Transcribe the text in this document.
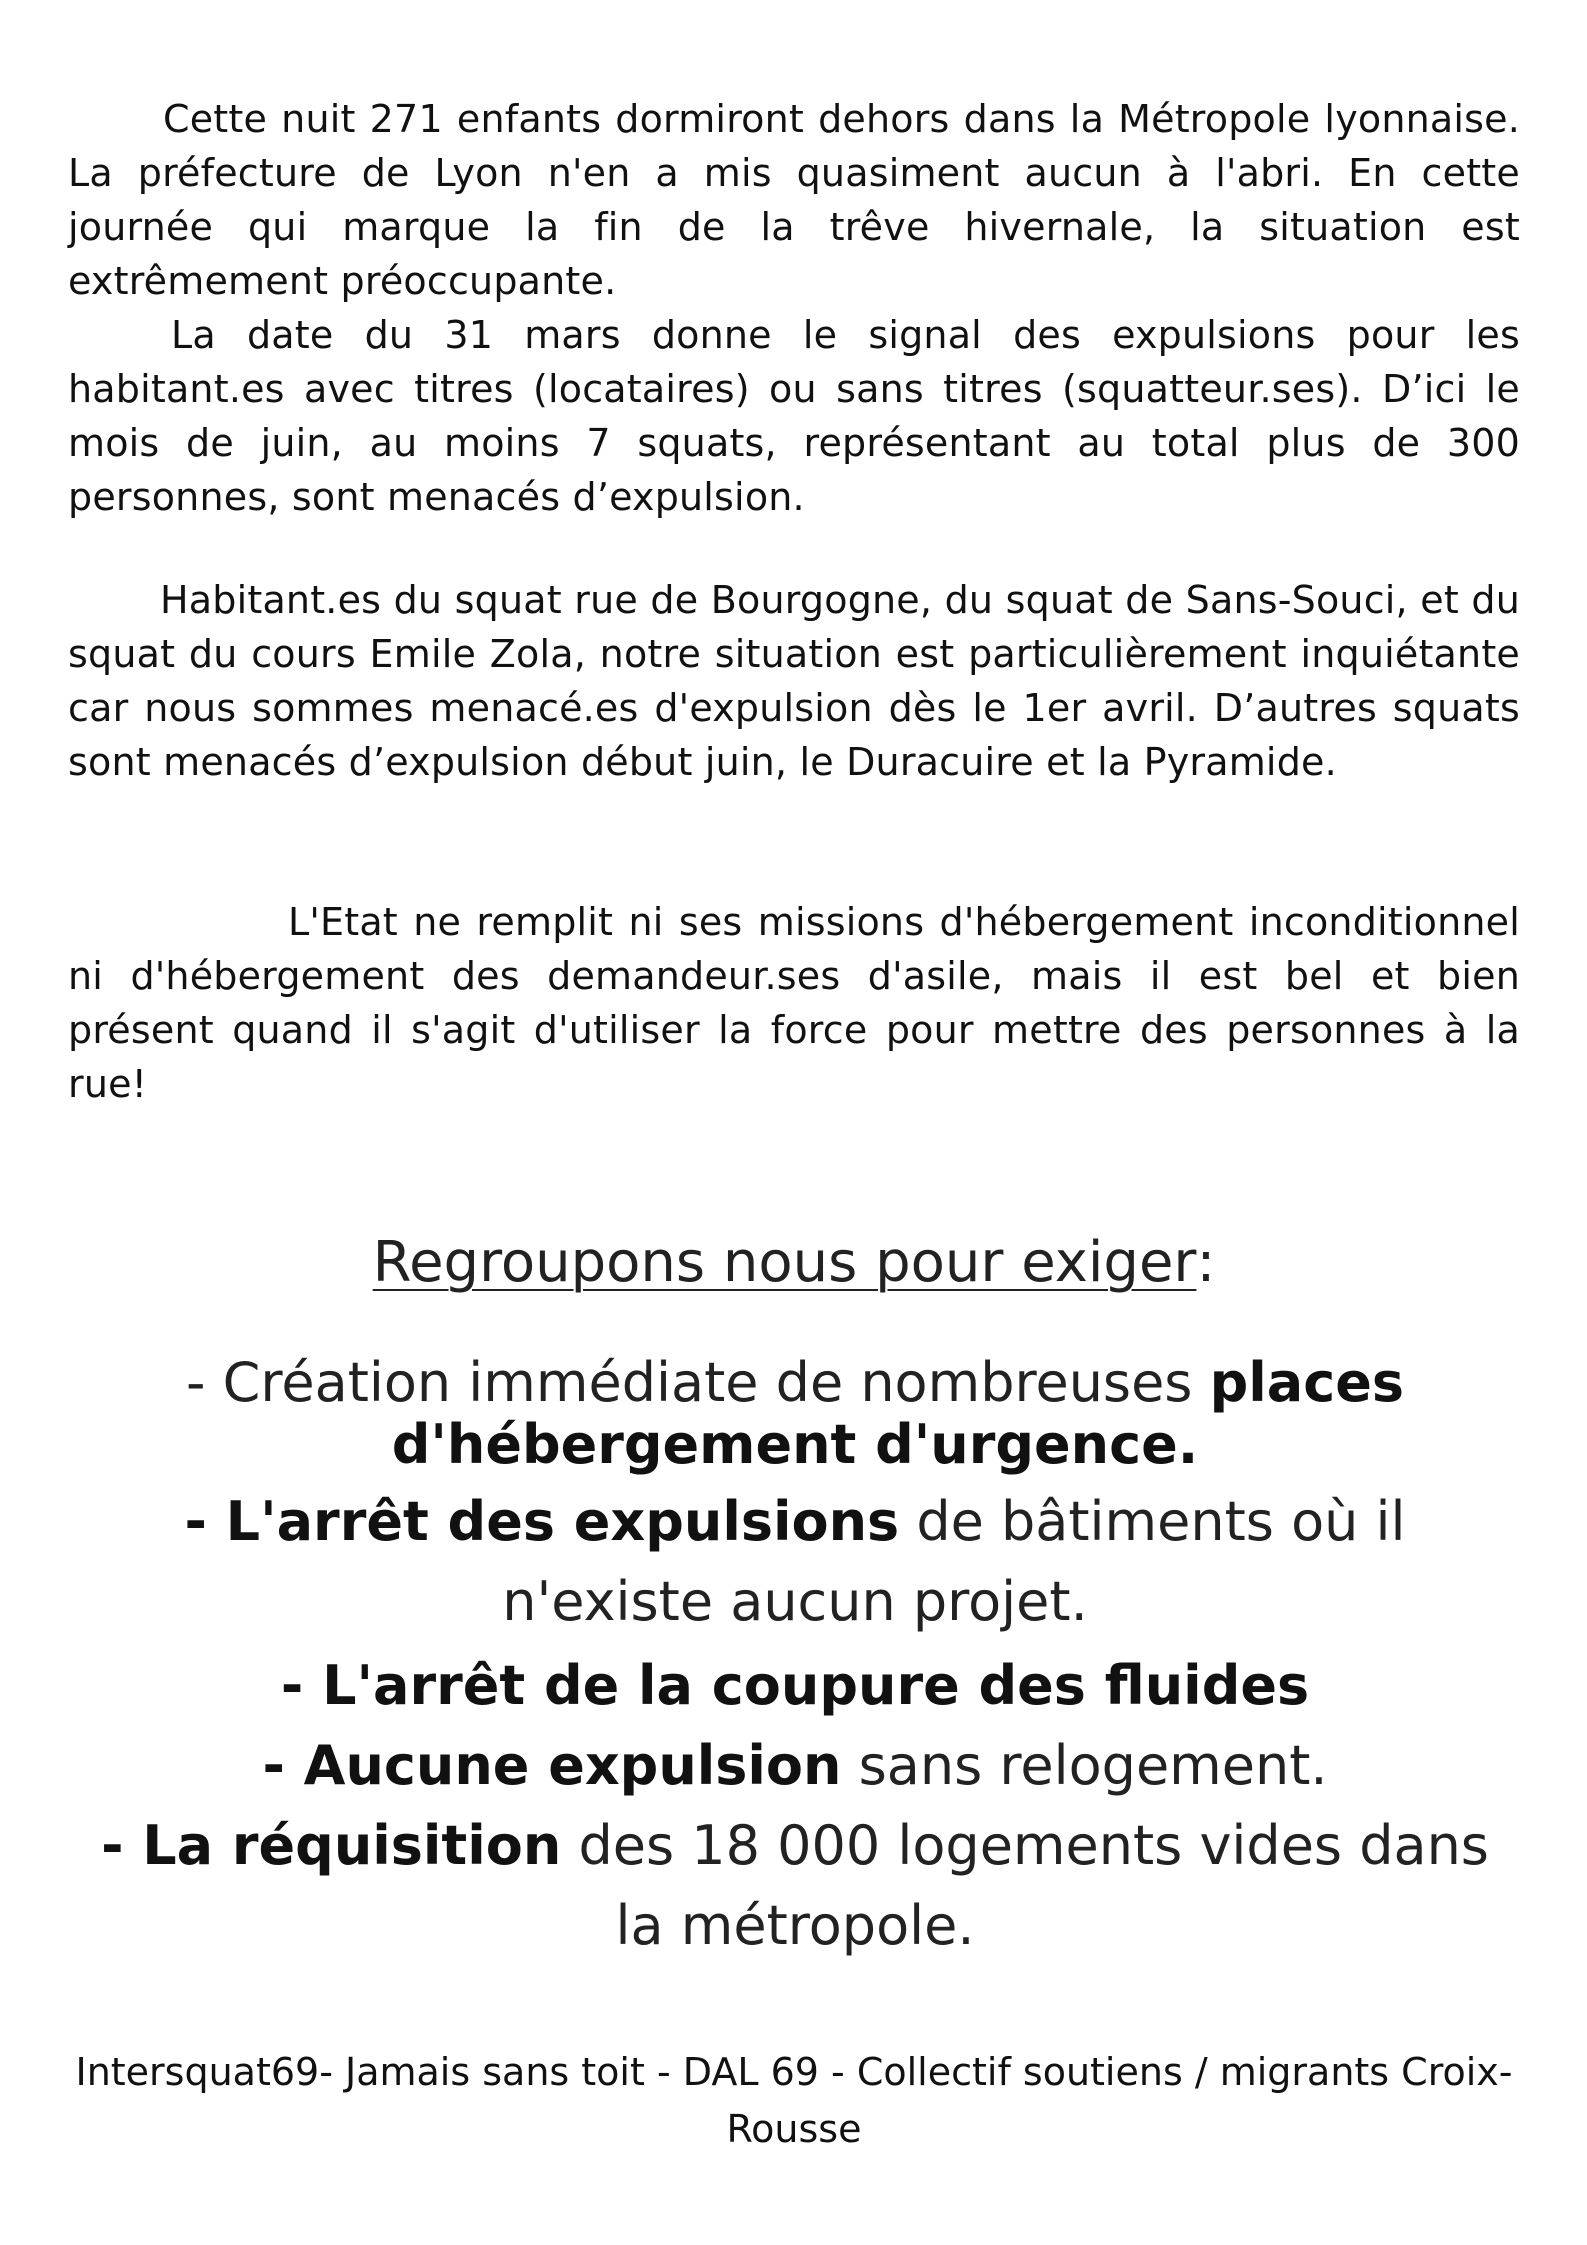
Cette nuit 271 enfants dormiront dehors dans la Métropole lyonnaise. La préfecture de Lyon n'en a mis quasiment aucun à l'abri. En cette journée qui marque la fin de la trêve hivernale, la situation est extrêmement préoccupante.

La date du 31 mars donne le signal des expulsions pour les habitant.es avec titres (locataires) ou sans titres (squatteur.ses). D’ici le mois de juin, au moins 7 squats, représentant au total plus de 300 personnes, sont menacés d’expulsion.

Habitant.es du squat rue de Bourgogne, du squat de Sans-Souci, et du squat du cours Emile Zola, notre situation est particulièrement inquiétante car nous sommes menacé.es d'expulsion dès le 1er avril. D’autres squats sont menacés d’expulsion début juin, le Duracuire et la Pyramide.

L'Etat ne remplit ni ses missions d'hébergement inconditionnel ni d'hébergement des demandeur.ses d'asile, mais il est bel et bien présent quand il s'agit d'utiliser la force pour mettre des personnes à la rue!

Regroupons nous pour exiger:
- Création immédiate de nombreuses places d'hébergement d'urgence.
- L'arrêt des expulsions de bâtiments où il n'existe aucun projet.
- L'arrêt de la coupure des fluides
- Aucune expulsion sans relogement.
- La réquisition des 18 000 logements vides dans la métropole.
Intersquat69- Jamais sans toit - DAL 69 - Collectif soutiens / migrants Croix-Rousse
